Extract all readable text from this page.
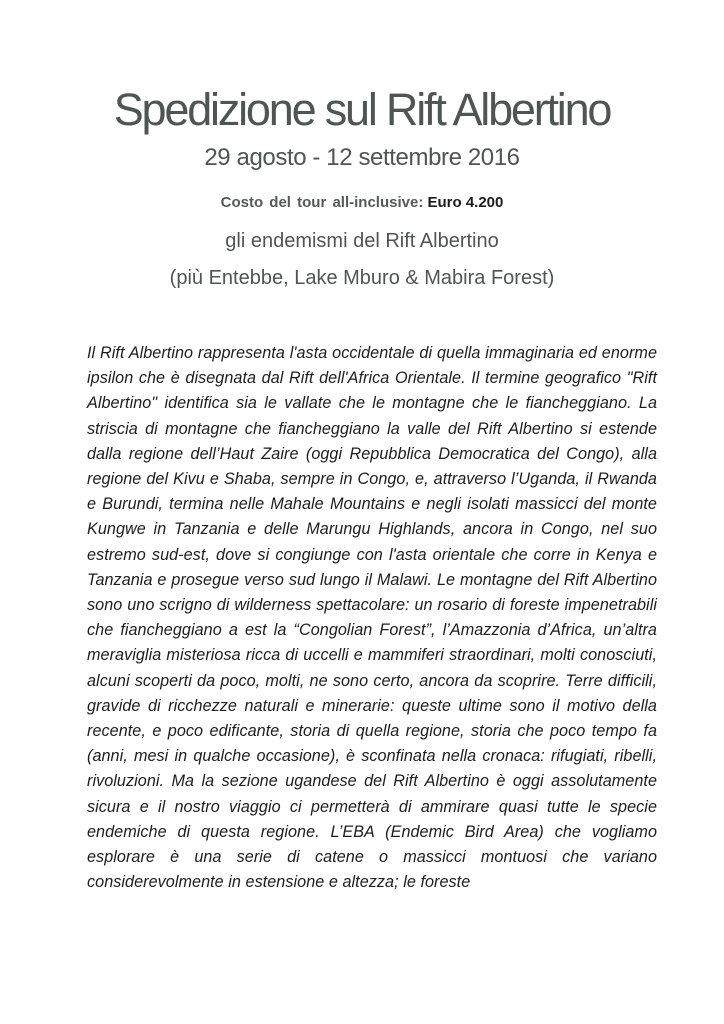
Spedizione sul Rift Albertino
29 agosto - 12 settembre 2016
Costo del tour all-inclusive: Euro 4.200
gli endemismi del Rift Albertino
(più Entebbe, Lake Mburo & Mabira Forest)

Il Rift Albertino rappresenta l'asta occidentale di quella immaginaria ed enorme ipsilon che è disegnata dal Rift dell'Africa Orientale. Il termine geografico "Rift Albertino" identifica sia le vallate che le montagne che le fiancheggiano. La striscia di montagne che fiancheggiano la valle del Rift Albertino si estende dalla regione dell’Haut Zaire (oggi Repubblica Democratica del Congo), alla regione del Kivu e Shaba, sempre in Congo, e, attraverso l’Uganda, il Rwanda e Burundi, termina nelle Mahale Mountains e negli isolati massicci del monte Kungwe in Tanzania e delle Marungu Highlands, ancora in Congo, nel suo estremo sud-est, dove si congiunge con l'asta orientale che corre in Kenya e Tanzania e prosegue verso sud lungo il Malawi. Le montagne del Rift Albertino sono uno scrigno di wilderness spettacolare: un rosario di foreste impenetrabili che fiancheggiano a est la “Congolian Forest”, l’Amazzonia d’Africa, un’altra meraviglia misteriosa ricca di uccelli e mammiferi straordinari, molti conosciuti, alcuni scoperti da poco, molti, ne sono certo, ancora da scoprire. Terre difficili, gravide di ricchezze naturali e minerarie: queste ultime sono il motivo della recente, e poco edificante, storia di quella regione, storia che poco tempo fa (anni, mesi in qualche occasione), è sconfinata nella cronaca: rifugiati, ribelli, rivoluzioni. Ma la sezione ugandese del Rift Albertino è oggi assolutamente sicura e il nostro viaggio ci permetterà di ammirare quasi tutte le specie endemiche di questa regione. L’EBA (Endemic Bird Area) che vogliamo esplorare è una serie di catene o massicci montuosi che variano considerevolmente in estensione e altezza; le foreste
